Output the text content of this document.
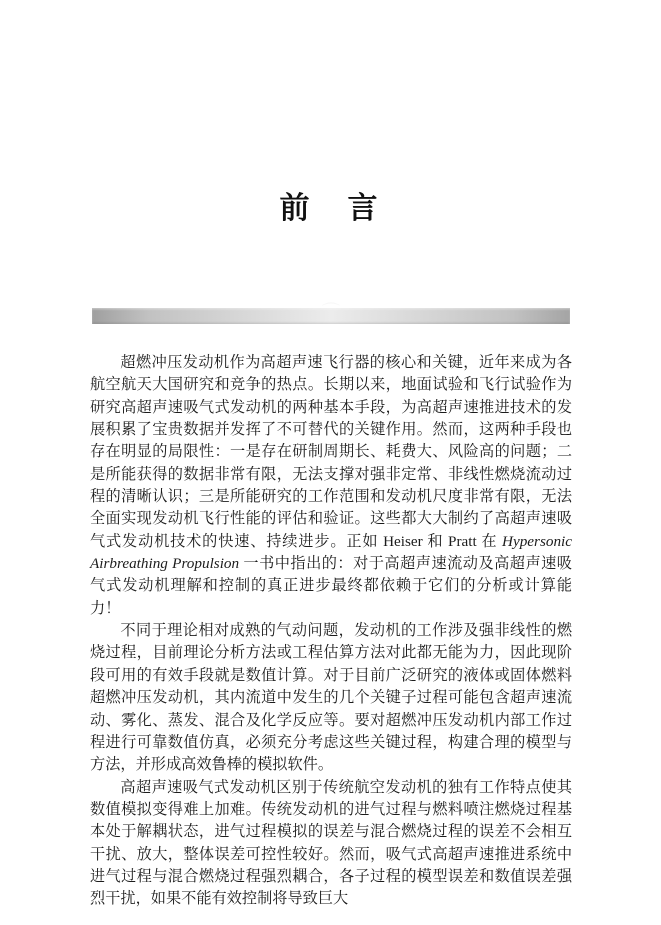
前　言
⌒

超燃冲压发动机作为高超声速飞行器的核心和关键，近年来成为各航空航天大国研究和竞争的热点。长期以来，地面试验和飞行试验作为研究高超声速吸气式发动机的两种基本手段，为高超声速推进技术的发展积累了宝贵数据并发挥了不可替代的关键作用。然而，这两种手段也存在明显的局限性：一是存在研制周期长、耗费大、风险高的问题；二是所能获得的数据非常有限，无法支撑对强非定常、非线性燃烧流动过程的清晰认识；三是所能研究的工作范围和发动机尺度非常有限，无法全面实现发动机飞行性能的评估和验证。这些都大大制约了高超声速吸气式发动机技术的快速、持续进步。正如 Heiser 和 Pratt 在 Hypersonic Airbreathing Propulsion 一书中指出的：对于高超声速流动及高超声速吸气式发动机理解和控制的真正进步最终都依赖于它们的分析或计算能力！

不同于理论相对成熟的气动问题，发动机的工作涉及强非线性的燃烧过程，目前理论分析方法或工程估算方法对此都无能为力，因此现阶段可用的有效手段就是数值计算。对于目前广泛研究的液体或固体燃料超燃冲压发动机，其内流道中发生的几个关键子过程可能包含超声速流动、雾化、蒸发、混合及化学反应等。要对超燃冲压发动机内部工作过程进行可靠数值仿真，必须充分考虑这些关键过程，构建合理的模型与方法，并形成高效鲁棒的模拟软件。

高超声速吸气式发动机区别于传统航空发动机的独有工作特点使其数值模拟变得难上加难。传统发动机的进气过程与燃料喷注燃烧过程基本处于解耦状态，进气过程模拟的误差与混合燃烧过程的误差不会相互干扰、放大，整体误差可控性较好。然而，吸气式高超声速推进系统中进气过程与混合燃烧过程强烈耦合，各子过程的模型误差和数值误差强烈干扰，如果不能有效控制将导致巨大
